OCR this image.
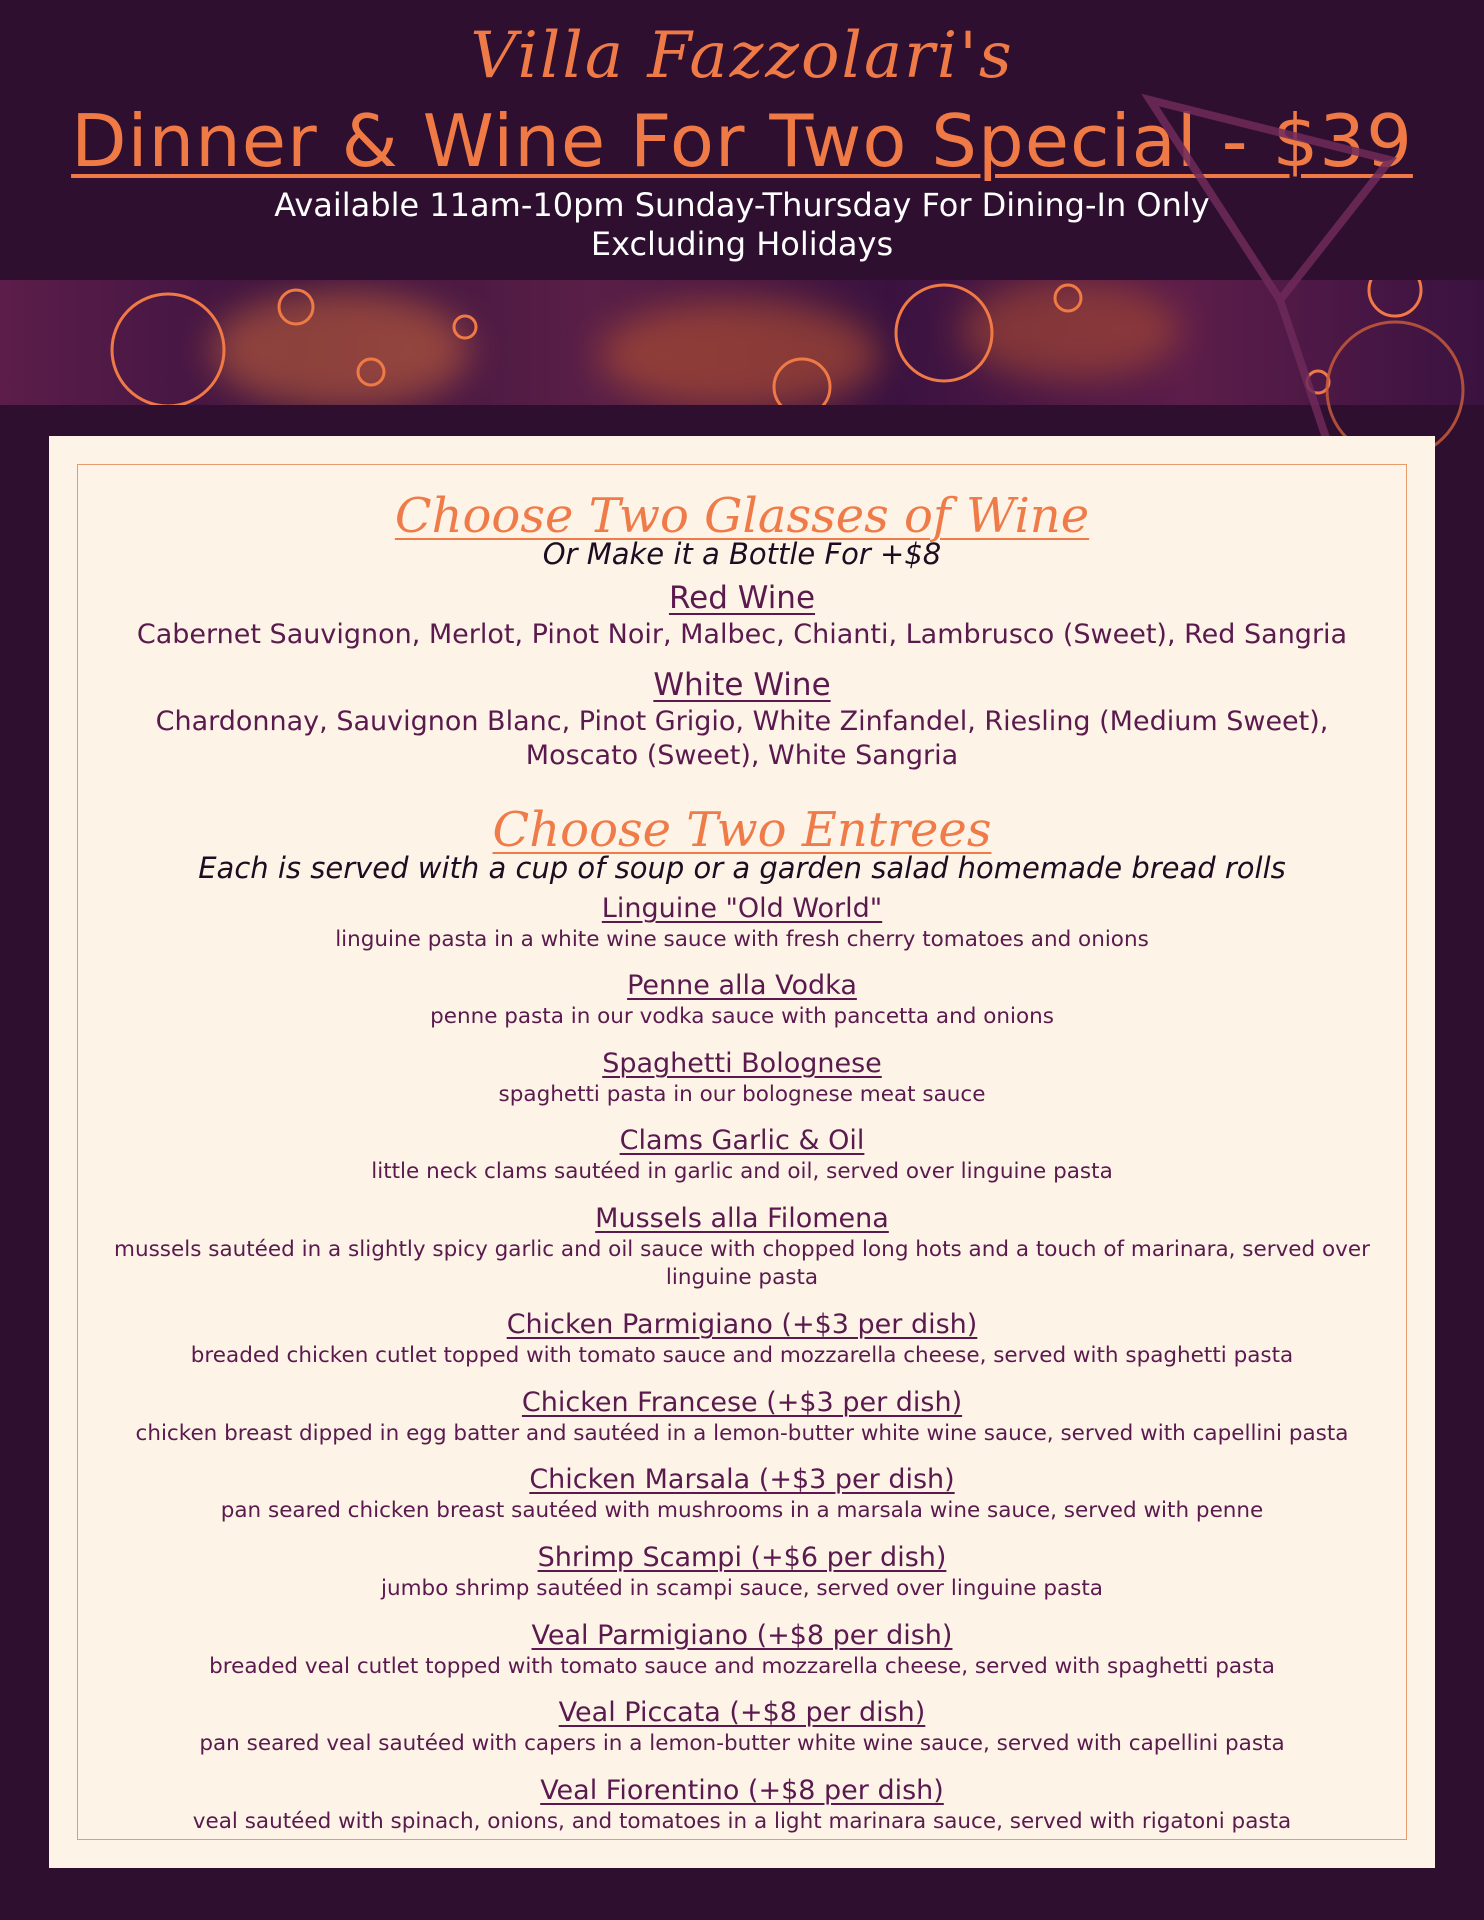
Villa Fazzolari's
Dinner & Wine For Two Special - $39
Available 11am-10pm Sunday-Thursday For Dining-In Only
Excluding Holidays
Choose Two Glasses of Wine
Or Make it a Bottle For +$8
Red Wine
Cabernet Sauvignon, Merlot, Pinot Noir, Malbec, Chianti, Lambrusco (Sweet), Red Sangria
White Wine
Chardonnay, Sauvignon Blanc, Pinot Grigio, White Zinfandel, Riesling (Medium Sweet), Moscato (Sweet), White Sangria
Choose Two Entrees
Each is served with a cup of soup or a garden salad homemade bread rolls
Linguine "Old World"
linguine pasta in a white wine sauce with fresh cherry tomatoes and onions
Penne alla Vodka
penne pasta in our vodka sauce with pancetta and onions
Spaghetti Bolognese
spaghetti pasta in our bolognese meat sauce
Clams Garlic & Oil
little neck clams sautéed in garlic and oil, served over linguine pasta
Mussels alla Filomena
mussels sautéed in a slightly spicy garlic and oil sauce with chopped long hots and a touch of marinara, served over linguine pasta
Chicken Parmigiano (+$3 per dish)
breaded chicken cutlet topped with tomato sauce and mozzarella cheese, served with spaghetti pasta
Chicken Francese (+$3 per dish)
chicken breast dipped in egg batter and sautéed in a lemon-butter white wine sauce, served with capellini pasta
Chicken Marsala (+$3 per dish)
pan seared chicken breast sautéed with mushrooms in a marsala wine sauce, served with penne
Shrimp Scampi (+$6 per dish)
jumbo shrimp sautéed in scampi sauce, served over linguine pasta
Veal Parmigiano (+$8 per dish)
breaded veal cutlet topped with tomato sauce and mozzarella cheese, served with spaghetti pasta
Veal Piccata (+$8 per dish)
pan seared veal sautéed with capers in a lemon-butter white wine sauce, served with capellini pasta
Veal Fiorentino (+$8 per dish)
veal sautéed with spinach, onions, and tomatoes in a light marinara sauce, served with rigatoni pasta
